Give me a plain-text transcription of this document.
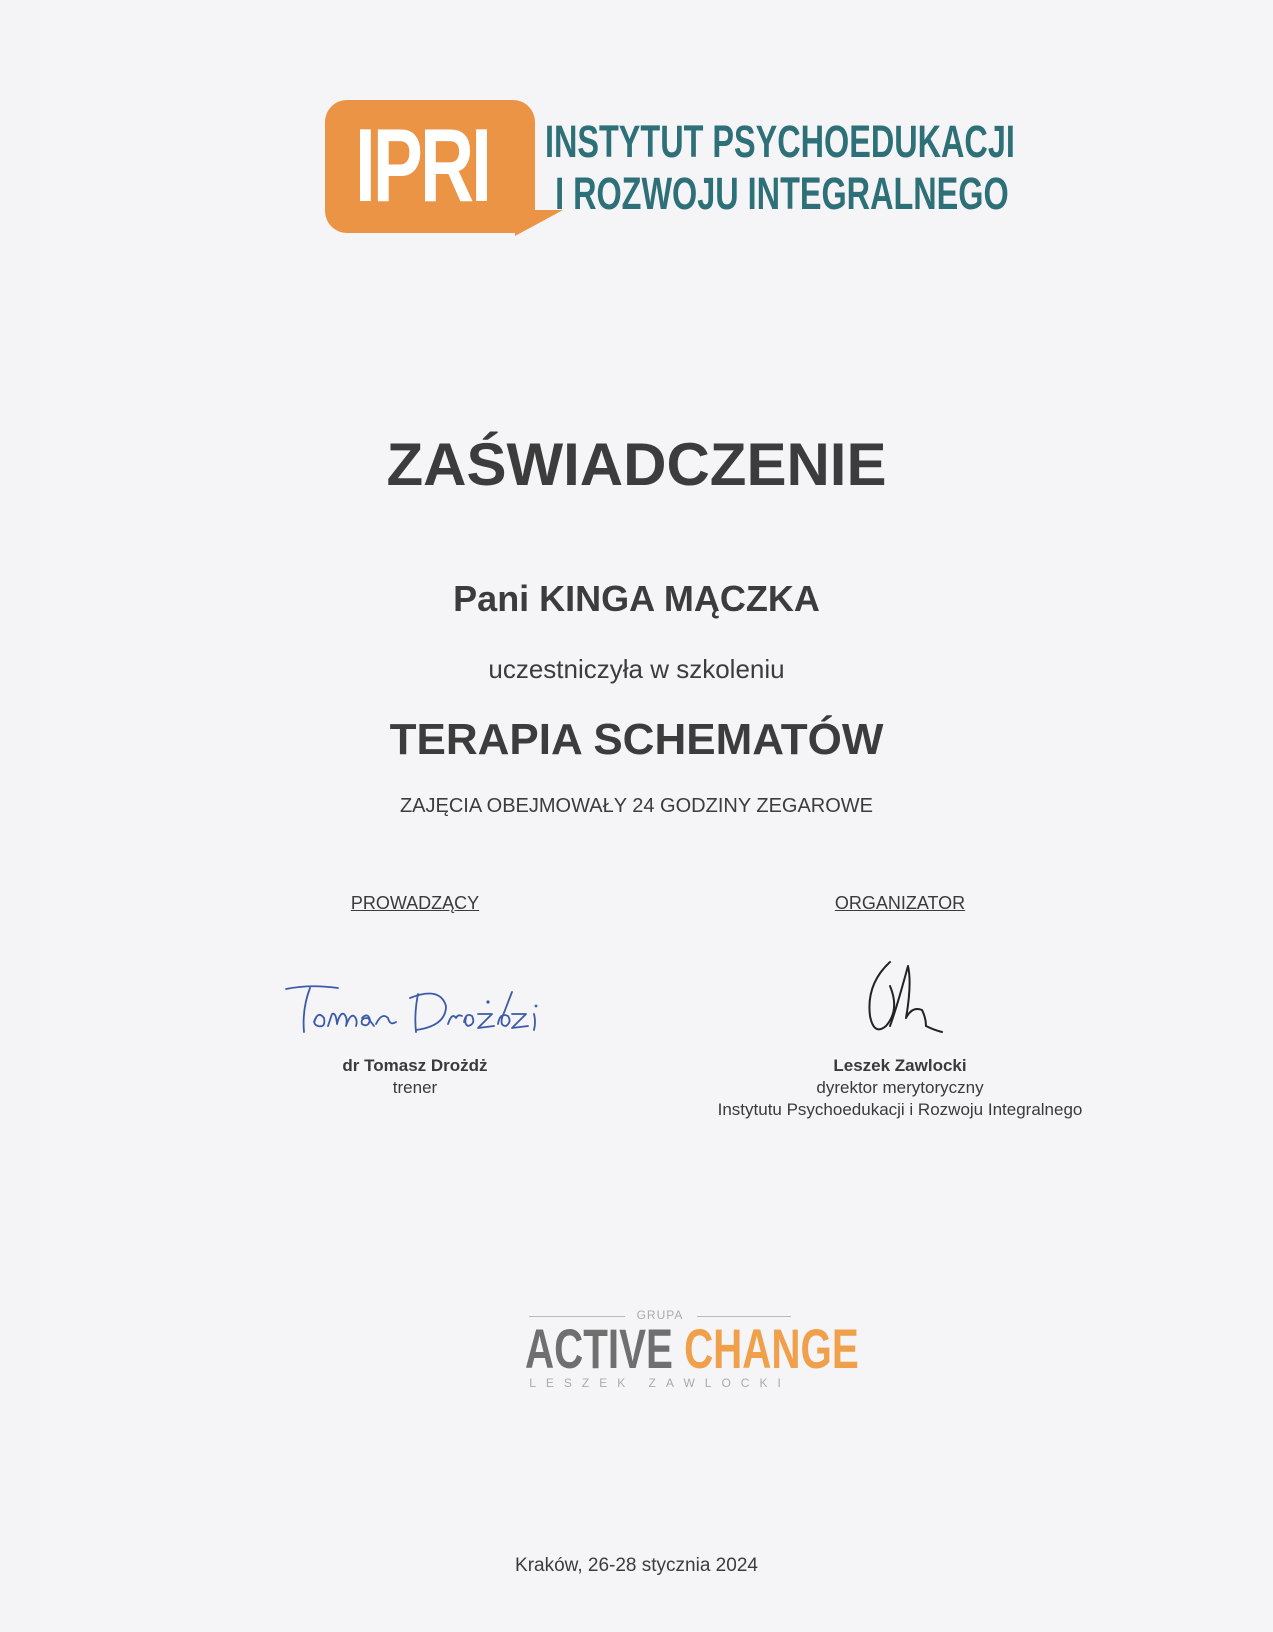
IPRI INSTYTUT PSYCHOEDUKACJI
I ROZWOJU INTEGRALNEGO
ZAŚWIADCZENIE
Pani KINGA MĄCZKA
uczestniczyła w szkoleniu
TERAPIA SCHEMATÓW
ZAJĘCIA OBEJMOWAŁY 24 GODZINY ZEGAROWE
PROWADZĄCY
dr Tomasz Drożdż
trener
ORGANIZATOR
Leszek Zawlocki
dyrektor merytoryczny
Instytutu Psychoedukacji i Rozwoju Integralnego
GRUPA
ACTIVE CHANGE
LESZEK ZAWLOCKI
Kraków, 26-28 stycznia 2024
